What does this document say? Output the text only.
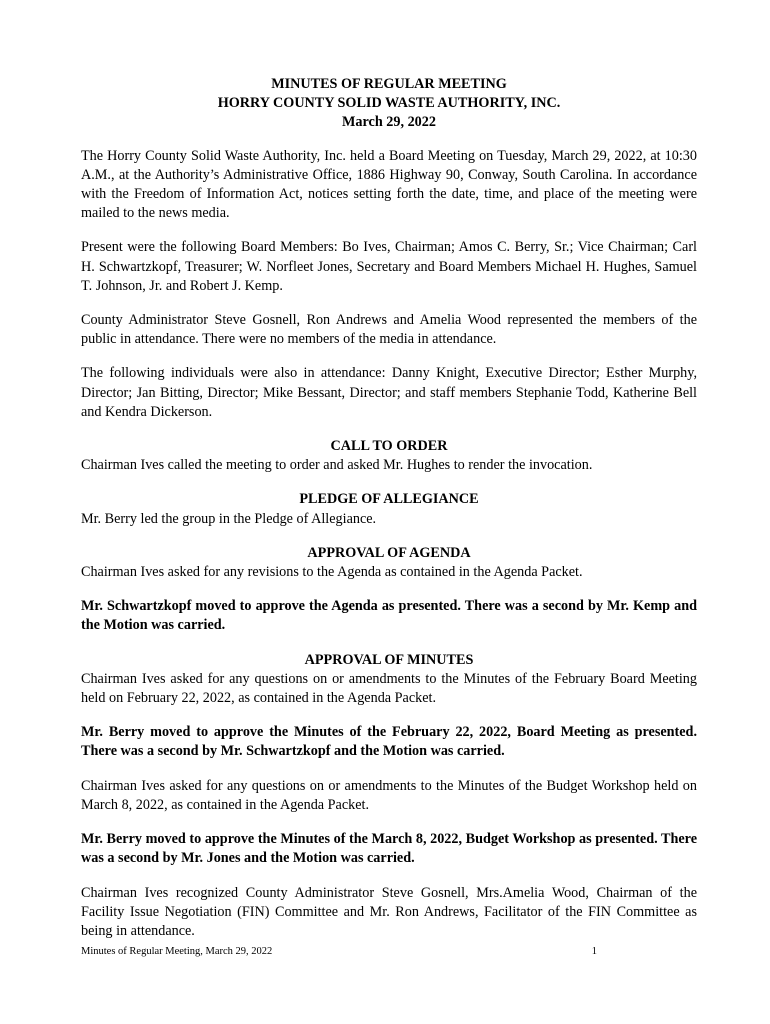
MINUTES OF REGULAR MEETING
HORRY COUNTY SOLID WASTE AUTHORITY, INC.
March 29, 2022

The Horry County Solid Waste Authority, Inc. held a Board Meeting on Tuesday, March 29, 2022, at 10:30 A.M., at the Authority’s Administrative Office, 1886 Highway 90, Conway, South Carolina. In accordance with the Freedom of Information Act, notices setting forth the date, time, and place of the meeting were mailed to the news media.

Present were the following Board Members: Bo Ives, Chairman; Amos C. Berry, Sr.; Vice Chairman; Carl H. Schwartzkopf, Treasurer; W. Norfleet Jones, Secretary and Board Members Michael H. Hughes, Samuel T. Johnson, Jr. and Robert J. Kemp.

County Administrator Steve Gosnell, Ron Andrews and Amelia Wood represented the members of the public in attendance. There were no members of the media in attendance.

The following individuals were also in attendance: Danny Knight, Executive Director; Esther Murphy, Director; Jan Bitting, Director; Mike Bessant, Director; and staff members Stephanie Todd, Katherine Bell and Kendra Dickerson.

CALL TO ORDER
Chairman Ives called the meeting to order and asked Mr. Hughes to render the invocation.
PLEDGE OF ALLEGIANCE
Mr. Berry led the group in the Pledge of Allegiance.
APPROVAL OF AGENDA
Chairman Ives asked for any revisions to the Agenda as contained in the Agenda Packet.

Mr. Schwartzkopf moved to approve the Agenda as presented. There was a second by Mr. Kemp and the Motion was carried.

APPROVAL OF MINUTES
Chairman Ives asked for any questions on or amendments to the Minutes of the February Board Meeting held on February 22, 2022, as contained in the Agenda Packet.

Mr. Berry moved to approve the Minutes of the February 22, 2022, Board Meeting as presented. There was a second by Mr. Schwartzkopf and the Motion was carried.

Chairman Ives asked for any questions on or amendments to the Minutes of the Budget Workshop held on March 8, 2022, as contained in the Agenda Packet.

Mr. Berry moved to approve the Minutes of the March 8, 2022, Budget Workshop as presented. There was a second by Mr. Jones and the Motion was carried.

Chairman Ives recognized County Administrator Steve Gosnell, Mrs.Amelia Wood, Chairman of the Facility Issue Negotiation (FIN) Committee and Mr. Ron Andrews, Facilitator of the FIN Committee as being in attendance.

Minutes of Regular Meeting, March 29, 2022	1
